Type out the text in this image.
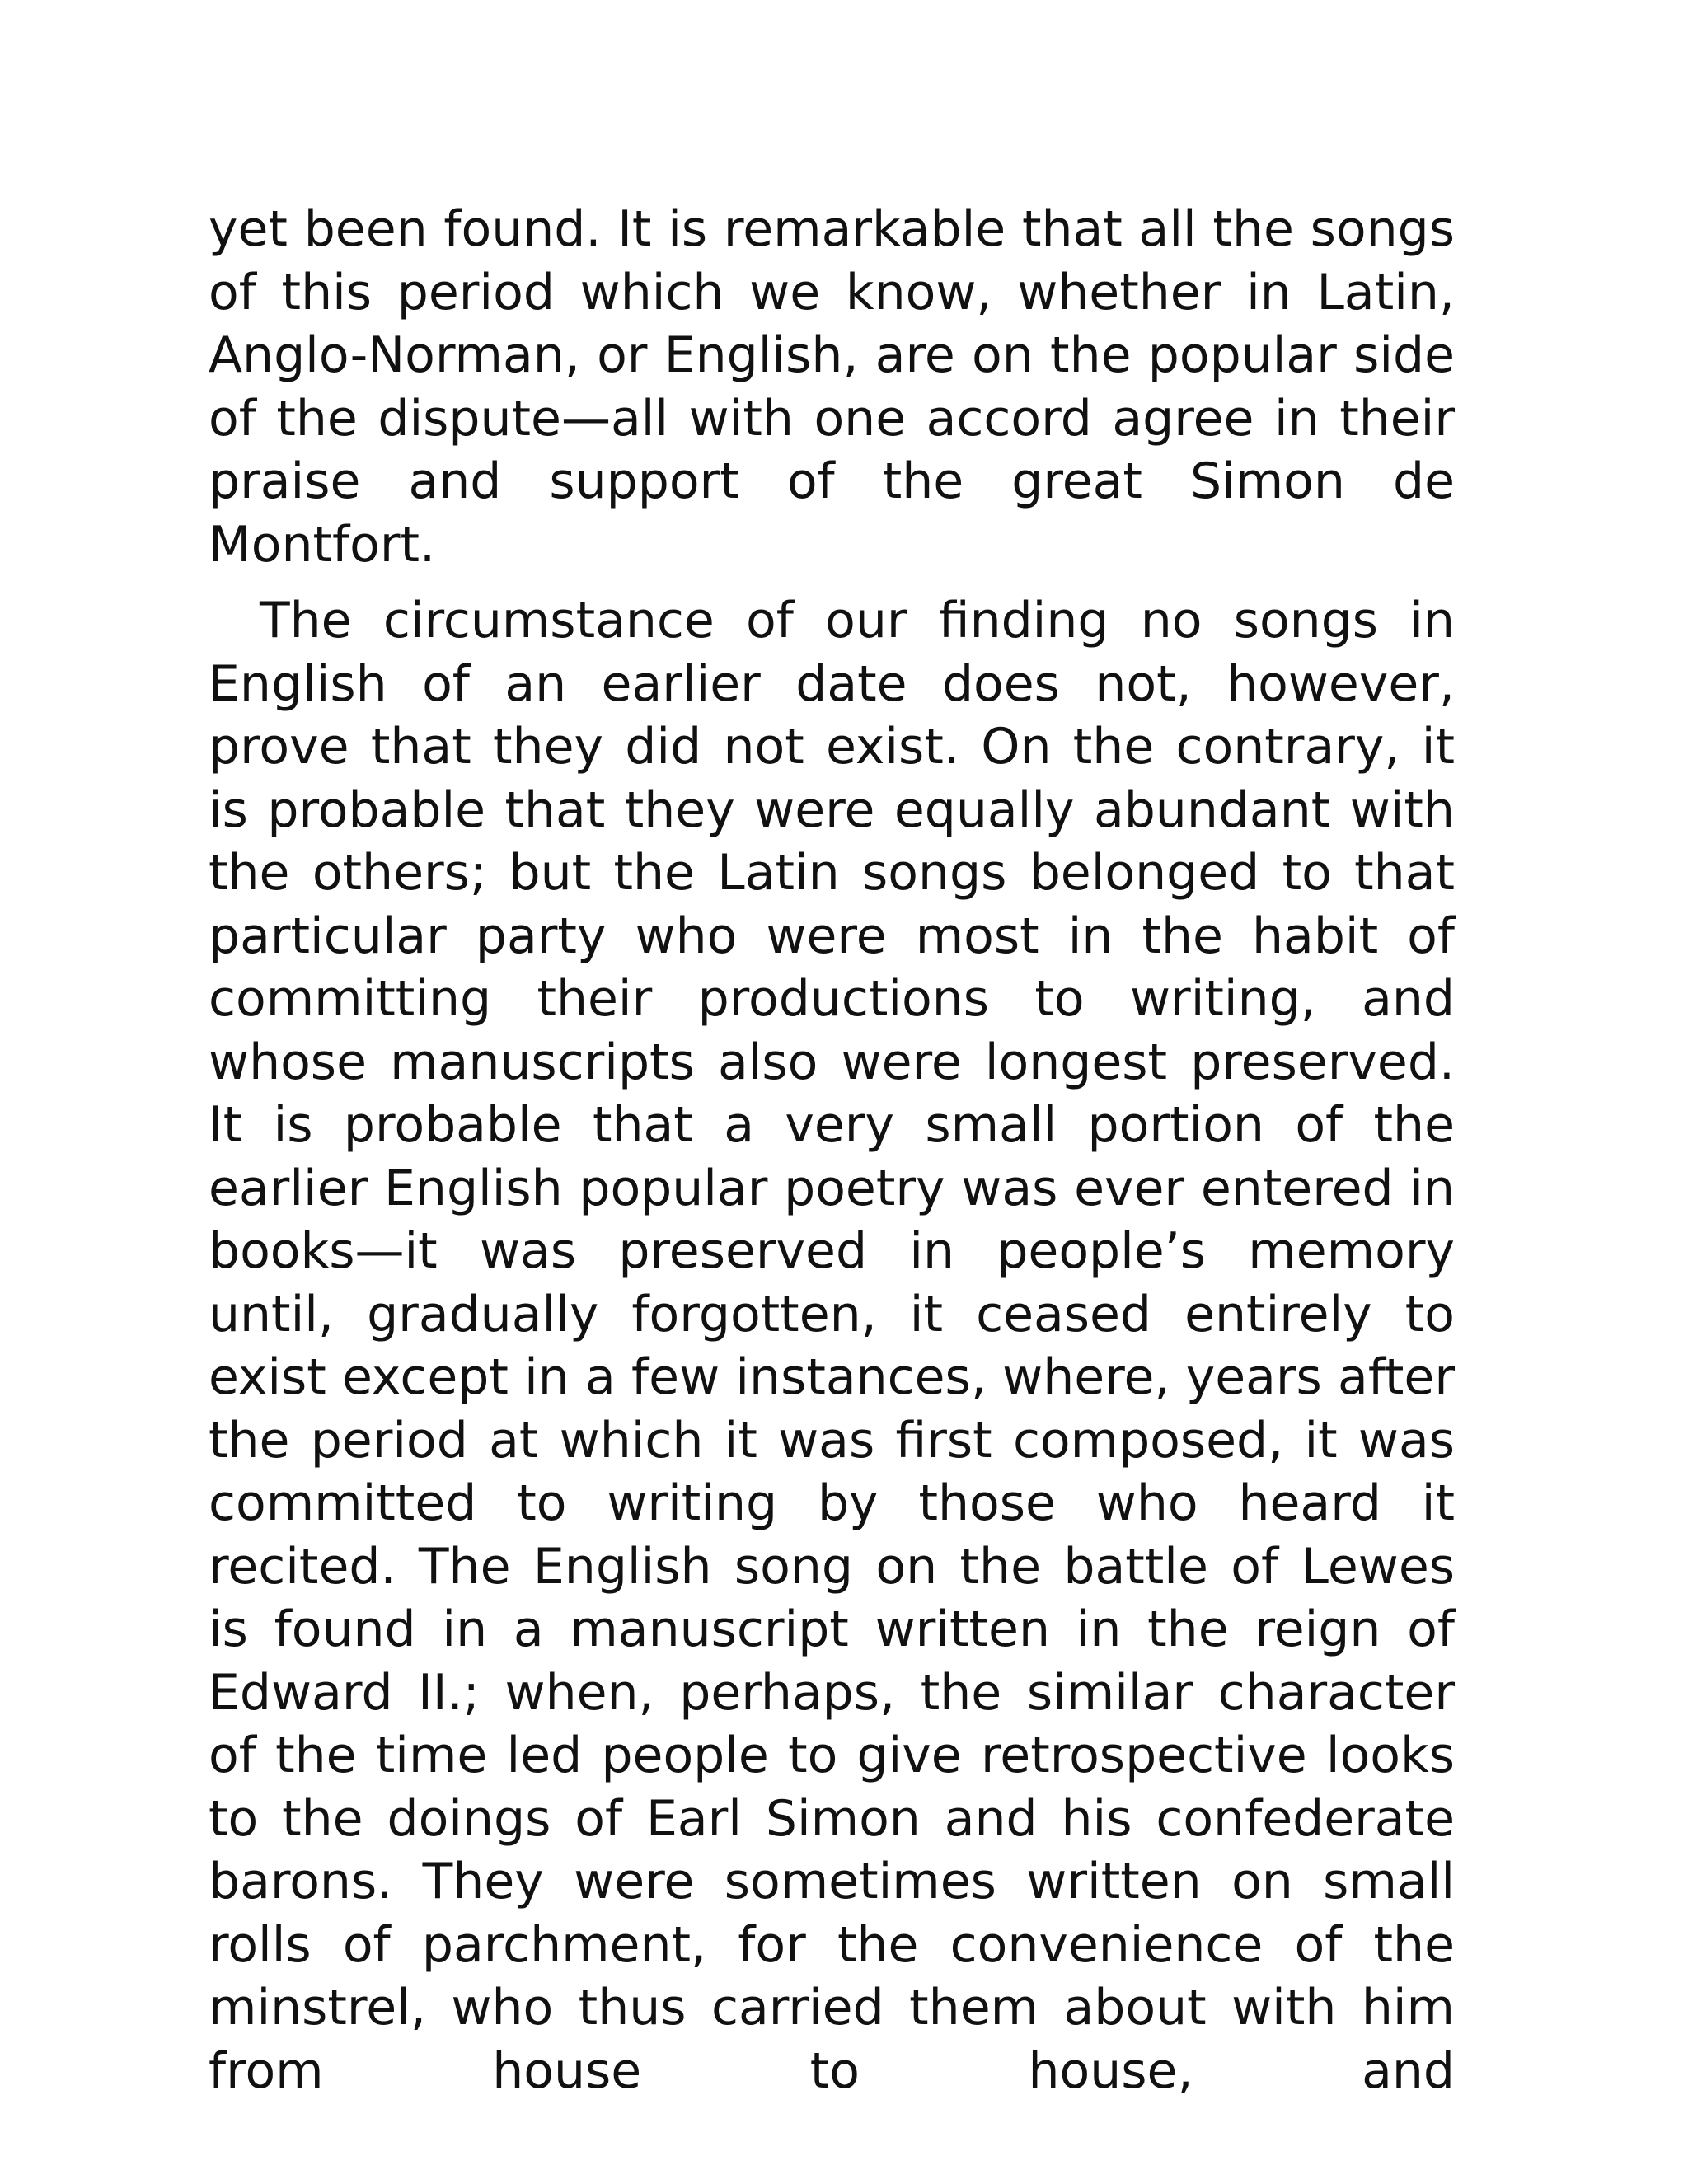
yet been found. It is remarkable that all the songs of this period which we know, whether in Latin, Anglo-Norman, or English, are on the popular side of the dispute—all with one accord agree in their praise and support of the great Simon de Montfort.

The circumstance of our finding no songs in English of an earlier date does not, however, prove that they did not exist. On the contrary, it is probable that they were equally abundant with the others; but the Latin songs belonged to that particular party who were most in the habit of committing their productions to writing, and whose manuscripts also were longest preserved. It is probable that a very small portion of the earlier English popular poetry was ever entered in books—it was preserved in people’s memory until, gradually forgotten, it ceased entirely to exist except in a few instances, where, years after the period at which it was first composed, it was committed to writing by those who heard it recited. The English song on the battle of Lewes is found in a manuscript written in the reign of Edward II.; when, perhaps, the similar character of the time led people to give retrospective looks to the doings of Earl Simon and his confederate barons. They were sometimes written on small rolls of parchment, for the convenience of the minstrel, who thus carried them about with him from house to house, and
